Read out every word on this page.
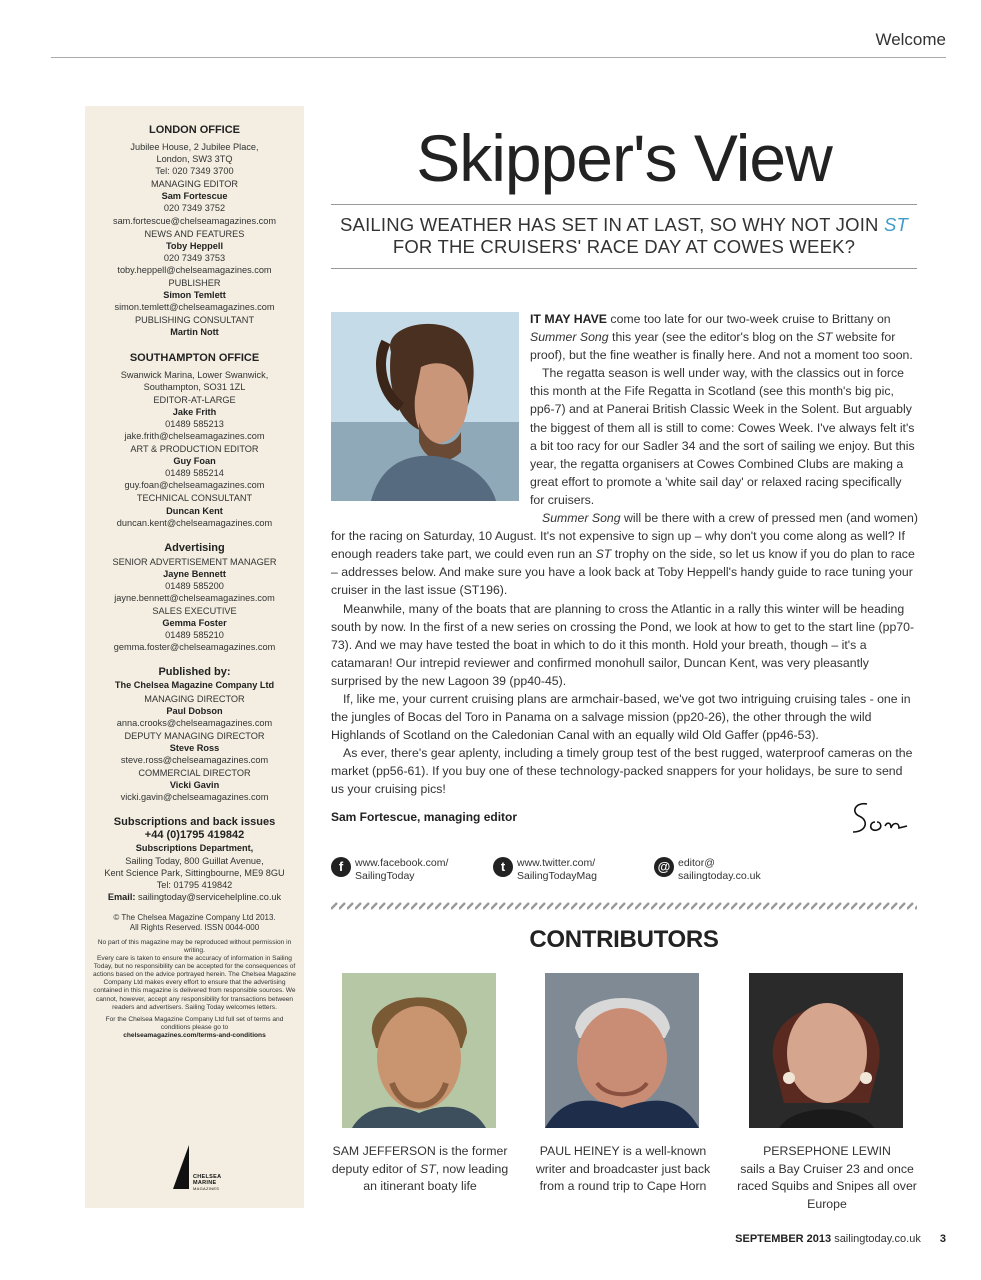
Welcome
LONDON OFFICE
Jubilee House, 2 Jubilee Place,
London, SW3 3TQ
Tel: 020 7349 3700
MANAGING EDITOR
Sam Fortescue
020 7349 3752
sam.fortescue@chelseamagazines.com
NEWS AND FEATURES
Toby Heppell
020 7349 3753
toby.heppell@chelseamagazines.com
PUBLISHER
Simon Temlett
simon.temlett@chelseamagazines.com
PUBLISHING CONSULTANT
Martin Nott
SOUTHAMPTON OFFICE
Swanwick Marina, Lower Swanwick,
Southampton, SO31 1ZL
EDITOR-AT-LARGE
Jake Frith
01489 585213
jake.frith@chelseamagazines.com
ART & PRODUCTION EDITOR
Guy Foan
01489 585214
guy.foan@chelseamagazines.com
TECHNICAL CONSULTANT
Duncan Kent
duncan.kent@chelseamagazines.com
Advertising
SENIOR ADVERTISEMENT MANAGER
Jayne Bennett
01489 585200
jayne.bennett@chelseamagazines.com
SALES EXECUTIVE
Gemma Foster
01489 585210
gemma.foster@chelseamagazines.com
Published by:
The Chelsea Magazine Company Ltd
MANAGING DIRECTOR
Paul Dobson
anna.crooks@chelseamagazines.com
DEPUTY MANAGING DIRECTOR
Steve Ross
steve.ross@chelseamagazines.com
COMMERCIAL DIRECTOR
Vicki Gavin
vicki.gavin@chelseamagazines.com
Subscriptions and back issues
+44 (0)1795 419842
Subscriptions Department,
Sailing Today, 800 Guillat Avenue,
Kent Science Park, Sittingbourne, ME9 8GU
Tel: 01795 419842
Email: sailingtoday@servicehelpline.co.uk
© The Chelsea Magazine Company Ltd 2013.
All Rights Reserved. ISSN 0044-000
No part of this magazine may be reproduced without permission in writing.
Every care is taken to ensure the accuracy of information in Sailing Today, but no responsibility can be accepted for the consequences of actions based on the advice portrayed herein. The Chelsea Magazine Company Ltd makes every effort to ensure that the advertising contained in this magazine is delivered from responsible sources. We cannot, however, accept any responsibility for transactions between readers and advertisers. Sailing Today welcomes letters.
For the Chelsea Magazine Company Ltd full set of terms and conditions please go to
chelseamagazines.com/terms-and-conditions
CHELSEA
MARINE
MAGAZINES
Skipper's View
SAILING WEATHER HAS SET IN AT LAST, SO WHY NOT JOIN ST
FOR THE CRUISERS' RACE DAY AT COWES WEEK?

IT MAY HAVE come too late for our two-week cruise to Brittany on Summer Song this year (see the editor's blog on the ST website for proof), but the fine weather is finally here. And not a moment too soon.

The regatta season is well under way, with the classics out in force this month at the Fife Regatta in Scotland (see this month's big pic, pp6-7) and at Panerai British Classic Week in the Solent. But arguably the biggest of them all is still to come: Cowes Week. I've always felt it's a bit too racy for our Sadler 34 and the sort of sailing we enjoy. But this year, the regatta organisers at Cowes Combined Clubs are making a great effort to promote a 'white sail day' or relaxed racing specifically for cruisers.

Summer Song will be there with a crew of pressed men (and women) for the racing on Saturday, 10 August. It's not expensive to sign up – why don't you come along as well? If enough readers take part, we could even run an ST trophy on the side, so let us know if you do plan to race – addresses below. And make sure you have a look back at Toby Heppell's handy guide to race tuning your cruiser in the last issue (ST196).

Meanwhile, many of the boats that are planning to cross the Atlantic in a rally this winter will be heading south by now. In the first of a new series on crossing the Pond, we look at how to get to the start line (pp70-73). And we may have tested the boat in which to do it this month. Hold your breath, though – it's a catamaran! Our intrepid reviewer and confirmed monohull sailor, Duncan Kent, was very pleasantly surprised by the new Lagoon 39 (pp40-45).

If, like me, your current cruising plans are armchair-based, we've got two intriguing cruising tales - one in the jungles of Bocas del Toro in Panama on a salvage mission (pp20-26), the other through the wild Highlands of Scotland on the Caledonian Canal with an equally wild Old Gaffer (pp46-53).

As ever, there's gear aplenty, including a timely group test of the best rugged, waterproof cameras on the market (pp56-61). If you buy one of these technology-packed snappers for your holidays, be sure to send us your cruising pics!

Sam Fortescue, managing editor
f	www.facebook.com/
SailingToday
t	www.twitter.com/
SailingTodayMag
@ editor@
sailingtoday.co.uk
CONTRIBUTORS
SAM JEFFERSON is the former deputy editor of ST, now leading an itinerant boaty life
PAUL HEINEY is a well-known writer and broadcaster just back from a round trip to Cape Horn
PERSEPHONE LEWIN
sails a Bay Cruiser 23 and once raced Squibs and Snipes all over Europe
SEPTEMBER 2013 sailingtoday.co.uk 3
